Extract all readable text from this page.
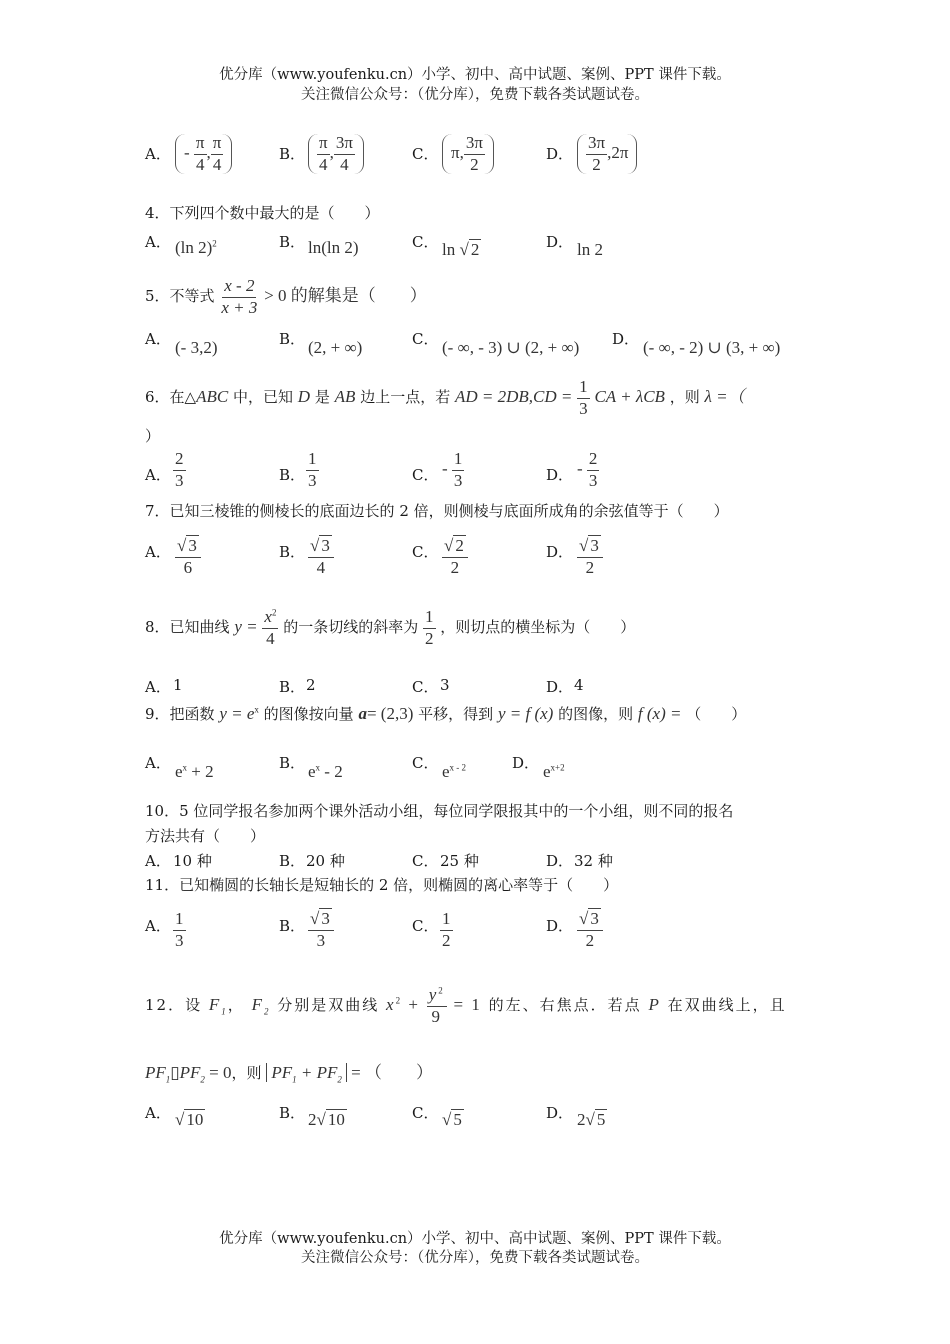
优分库（www.youfenku.cn）小学、初中、高中试题、案例、PPT 课件下载。
关注微信公众号：（优分库），免费下载各类试题试卷。
A． - $\frac{\pi}{4}$ , $\frac{\pi}{4}$	B． $\frac{\pi}{4}$ , $\frac{3\pi}{4}$	C． π, $\frac{3\pi}{2}$	D． $\frac{3\pi}{2} ,2\pi$
4．下列四个数中最大的是（　　）
A． (ln 2)$^2$	B． ln(ln 2)	C． ln √ 2	D． ln 2
5．不等式 $\frac{x - 2}{x + 3} > 0$ 的解集是（　　）
A． (- 3,2)	B． (2, + ∞)	C． (- ∞, - 3) ∪ (2, + ∞) D． (- ∞, - 2) ∪ (3, + ∞)
6．在△ABC 中，已知 D 是 AB 边上一点，若 AD = $2DB,CD = \frac{1}{3}$ CA + λCB ，则 λ =（
）
A． $\frac{2}{3}$	B． $\frac{1}{3}$	C． - $\frac{1}{3}$	D． - $\frac{2}{3}$
7．已知三棱锥的侧棱长的底面边长的 2 倍，则侧棱与底面所成角的余弦值等于（　　）
A． $\frac{√ 3}{6}$	B． $\frac{√ 3}{4}$	C． $\frac{√ 2}{2}$	D． $\frac{√ 3}{2}$
8．已知曲线 $y = \frac{x^2}{4}$ 的一条切线的斜率为 $\frac{1}{2}$ ，则切点的横坐标为（　　）
A． 1	B． 2	C． 3	D． 4
9．把函数 $y = e^x$ 的图像按向量 a= (2,3) 平移，得到 y = f (x) 的图像，则 f (x) = （　　）
A． $e^x + 2$	B． $e^x - 2$	C． $e^{x - 2}$	D． $e^{x+2}$
10．5 位同学报名参加两个课外活动小组，每位同学限报其中的一个小组，则不同的报名
方法共有（　　）
A． 10 种	B． 20 种	C． 25 种	D． 32 种
11．已知椭圆的长轴长是短轴长的 2 倍，则椭圆的离心率等于（　　）
A． $\frac{1}{3}$	B． $\frac{√ 3}{3}$	C． $\frac{1}{2}$	D． $\frac{√ 3}{2}$
12．设 $F_1$， $F_2$ 分别是双曲线 $x^2 + \frac{y^2}{9} = 1$ 的左、右焦点．若点 P 在双曲线上，且
$PF_1▯PF_2 = 0$，则 $PF_1 + PF_2$ = （　　）
A． √ 10	B． 2√ 10	C． √ 5	D． 2√ 5
优分库（www.youfenku.cn）小学、初中、高中试题、案例、PPT 课件下载。
关注微信公众号：（优分库），免费下载各类试题试卷。
